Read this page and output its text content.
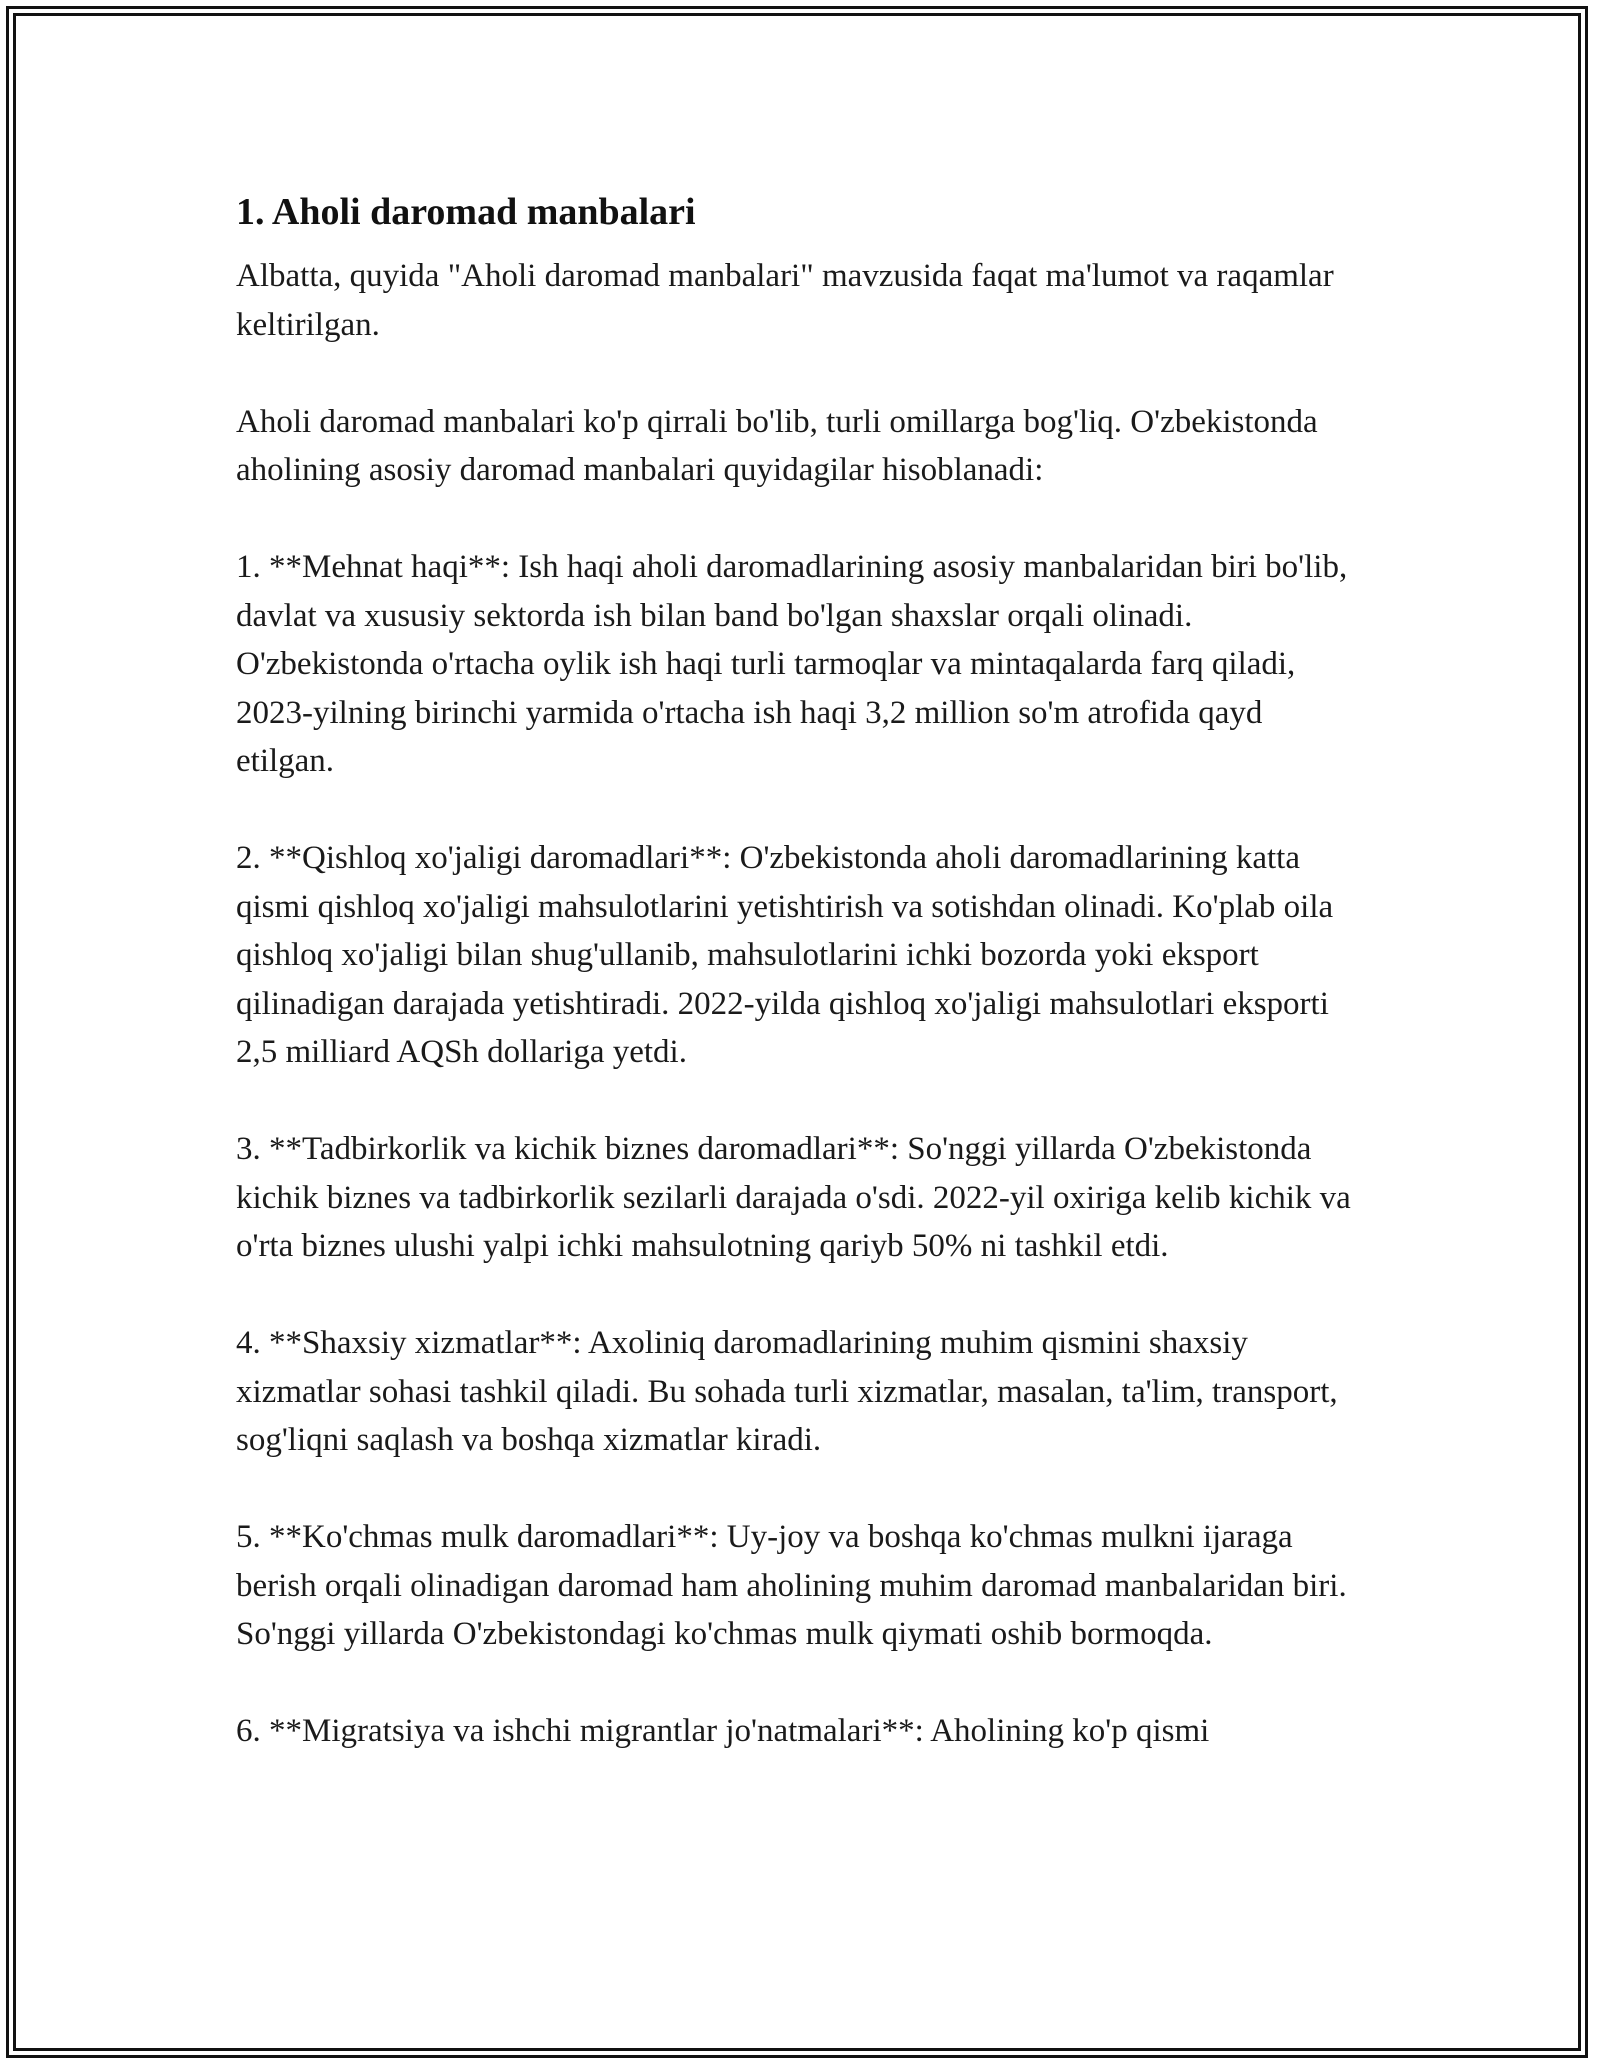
1. Aholi daromad manbalari

Albatta, quyida "Aholi daromad manbalari" mavzusida faqat ma'lumot va raqamlar keltirilgan.

Aholi daromad manbalari ko'p qirrali bo'lib, turli omillarga bog'liq. O'zbekistonda aholining asosiy daromad manbalari quyidagilar hisoblanadi:

1. **Mehnat haqi**: Ish haqi aholi daromadlarining asosiy manbalaridan biri bo'lib, davlat va xususiy sektorda ish bilan band bo'lgan shaxslar orqali olinadi. O'zbekistonda o'rtacha oylik ish haqi turli tarmoqlar va mintaqalarda farq qiladi, 2023-yilning birinchi yarmida o'rtacha ish haqi 3,2 million so'm atrofida qayd etilgan.

2. **Qishloq xo'jaligi daromadlari**: O'zbekistonda aholi daromadlarining katta qismi qishloq xo'jaligi mahsulotlarini yetishtirish va sotishdan olinadi. Ko'plab oila qishloq xo'jaligi bilan shug'ullanib, mahsulotlarini ichki bozorda yoki eksport qilinadigan darajada yetishtiradi. 2022-yilda qishloq xo'jaligi mahsulotlari eksporti 2,5 milliard AQSh dollariga yetdi.

3. **Tadbirkorlik va kichik biznes daromadlari**: So'nggi yillarda O'zbekistonda kichik biznes va tadbirkorlik sezilarli darajada o'sdi. 2022-yil oxiriga kelib kichik va o'rta biznes ulushi yalpi ichki mahsulotning qariyb 50% ni tashkil etdi.

4. **Shaxsiy xizmatlar**: Axoliniq daromadlarining muhim qismini shaxsiy xizmatlar sohasi tashkil qiladi. Bu sohada turli xizmatlar, masalan, ta'lim, transport, sog'liqni saqlash va boshqa xizmatlar kiradi.

5. **Ko'chmas mulk daromadlari**: Uy-joy va boshqa ko'chmas mulkni ijaraga berish orqali olinadigan daromad ham aholining muhim daromad manbalaridan biri. So'nggi yillarda O'zbekistondagi ko'chmas mulk qiymati oshib bormoqda.

6. **Migratsiya va ishchi migrantlar jo'natmalari**: Aholining ko'p qismi
